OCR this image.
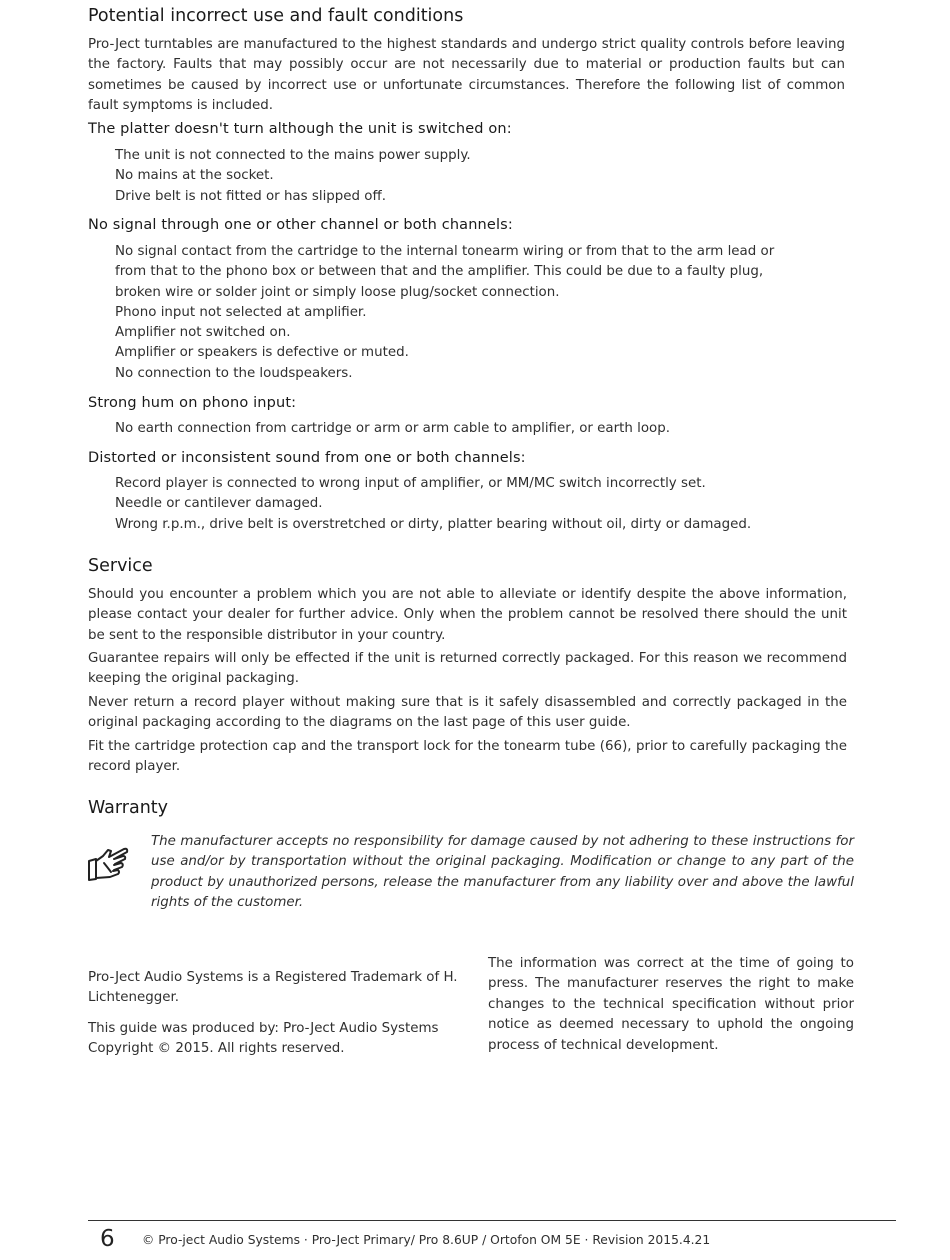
Potential incorrect use and fault conditions

Pro-Ject turntables are manufactured to the highest standards and undergo strict quality controls before leaving the factory. Faults that may possibly occur are not necessarily due to material or production faults but can sometimes be caused by incorrect use or unfortunate circumstances. Therefore the following list of common fault symptoms is included.

The platter doesn't turn although the unit is switched on:
The unit is not connected to the mains power supply.
No mains at the socket.
Drive belt is not fitted or has slipped off.
No signal through one or other channel or both channels:
No signal contact from the cartridge to the internal tonearm wiring or from that to the arm lead or
from that to the phono box or between that and the amplifier. This could be due to a faulty plug,
broken wire or solder joint or simply loose plug/socket connection.
Phono input not selected at amplifier.
Amplifier not switched on.
Amplifier or speakers is defective or muted.
No connection to the loudspeakers.
Strong hum on phono input:
No earth connection from cartridge or arm or arm cable to amplifier, or earth loop.
Distorted or inconsistent sound from one or both channels:
Record player is connected to wrong input of amplifier, or MM/MC switch incorrectly set.
Needle or cantilever damaged.
Wrong r.p.m., drive belt is overstretched or dirty, platter bearing without oil, dirty or damaged.
Service

Should you encounter a problem which you are not able to alleviate or identify despite the above information, please contact your dealer for further advice. Only when the problem cannot be resolved there should the unit be sent to the responsible distributor in your country.

Guarantee repairs will only be effected if the unit is returned correctly packaged. For this reason we recommend keeping the original packaging.

Never return a record player without making sure that is it safely disassembled and correctly packaged in the original packaging according to the diagrams on the last page of this user guide.

Fit the cartridge protection cap and the transport lock for the tonearm tube (66), prior to carefully packaging the record player.

Warranty

The manufacturer accepts no responsibility for damage caused by not adhering to these instructions for use and/or by transportation without the original packaging. Modification or change to any part of the product by unauthorized persons, release the manufacturer from any liability over and above the lawful rights of the customer.

Pro-Ject Audio Systems is a Registered Trademark of H. Lichtenegger.

This guide was produced by: Pro-Ject Audio Systems

Copyright © 2015. All rights reserved.

The information was correct at the time of going to press. The manufacturer reserves the right to make changes to the technical specification without prior notice as deemed necessary to uphold the ongoing process of technical development.

6 © Pro-ject Audio Systems · Pro-Ject Primary/ Pro 8.6UP / Ortofon OM 5E · Revision 2015.4.21
